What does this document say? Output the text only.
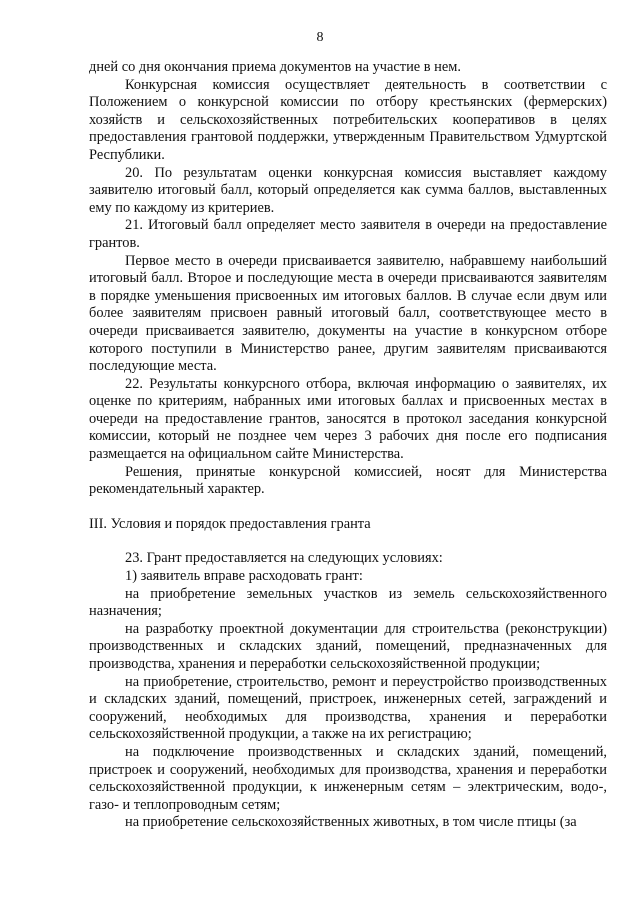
8

дней со дня окончания приема документов на участие в нем.

Конкурсная комиссия осуществляет деятельность в соответствии с Положением о конкурсной комиссии по отбору крестьянских (фермерских) хозяйств и сельскохозяйственных потребительских кооперативов в целях предоставления грантовой поддержки, утвержденным Правительством Удмуртской Республики.

20. По результатам оценки конкурсная комиссия выставляет каждому заявителю итоговый балл, который определяется как сумма баллов, выставленных ему по каждому из критериев.

21. Итоговый балл определяет место заявителя в очереди на предоставление грантов.

Первое место в очереди присваивается заявителю, набравшему наибольший итоговый балл. Второе и последующие места в очереди присваиваются заявителям в порядке уменьшения присвоенных им итоговых баллов. В случае если двум или более заявителям присвоен равный итоговый балл, соответствующее место в очереди присваивается заявителю, документы на участие в конкурсном отборе которого поступили в Министерство ранее, другим заявителям присваиваются последующие места.

22. Результаты конкурсного отбора, включая информацию о заявителях, их оценке по критериям, набранных ими итоговых баллах и присвоенных местах в очереди на предоставление грантов, заносятся в протокол заседания конкурсной комиссии, который не позднее чем через 3 рабочих дня после его подписания размещается на официальном сайте Министерства.

Решения, принятые конкурсной комиссией, носят для Министерства рекомендательный характер.

III. Условия и порядок предоставления гранта

23. Грант предоставляется на следующих условиях:

1) заявитель вправе расходовать грант:

на приобретение земельных участков из земель сельскохозяйственного назначения;

на разработку проектной документации для строительства (реконструкции) производственных и складских зданий, помещений, предназначенных для производства, хранения и переработки сельскохозяйственной продукции;

на приобретение, строительство, ремонт и переустройство производственных и складских зданий, помещений, пристроек, инженерных сетей, заграждений и сооружений, необходимых для производства, хранения и переработки сельскохозяйственной продукции, а также на их регистрацию;

на подключение производственных и складских зданий, помещений, пристроек и сооружений, необходимых для производства, хранения и переработки сельскохозяйственной продукции, к инженерным сетям – электрическим, водо-, газо- и теплопроводным сетям;

на приобретение сельскохозяйственных животных, в том числе птицы (за
